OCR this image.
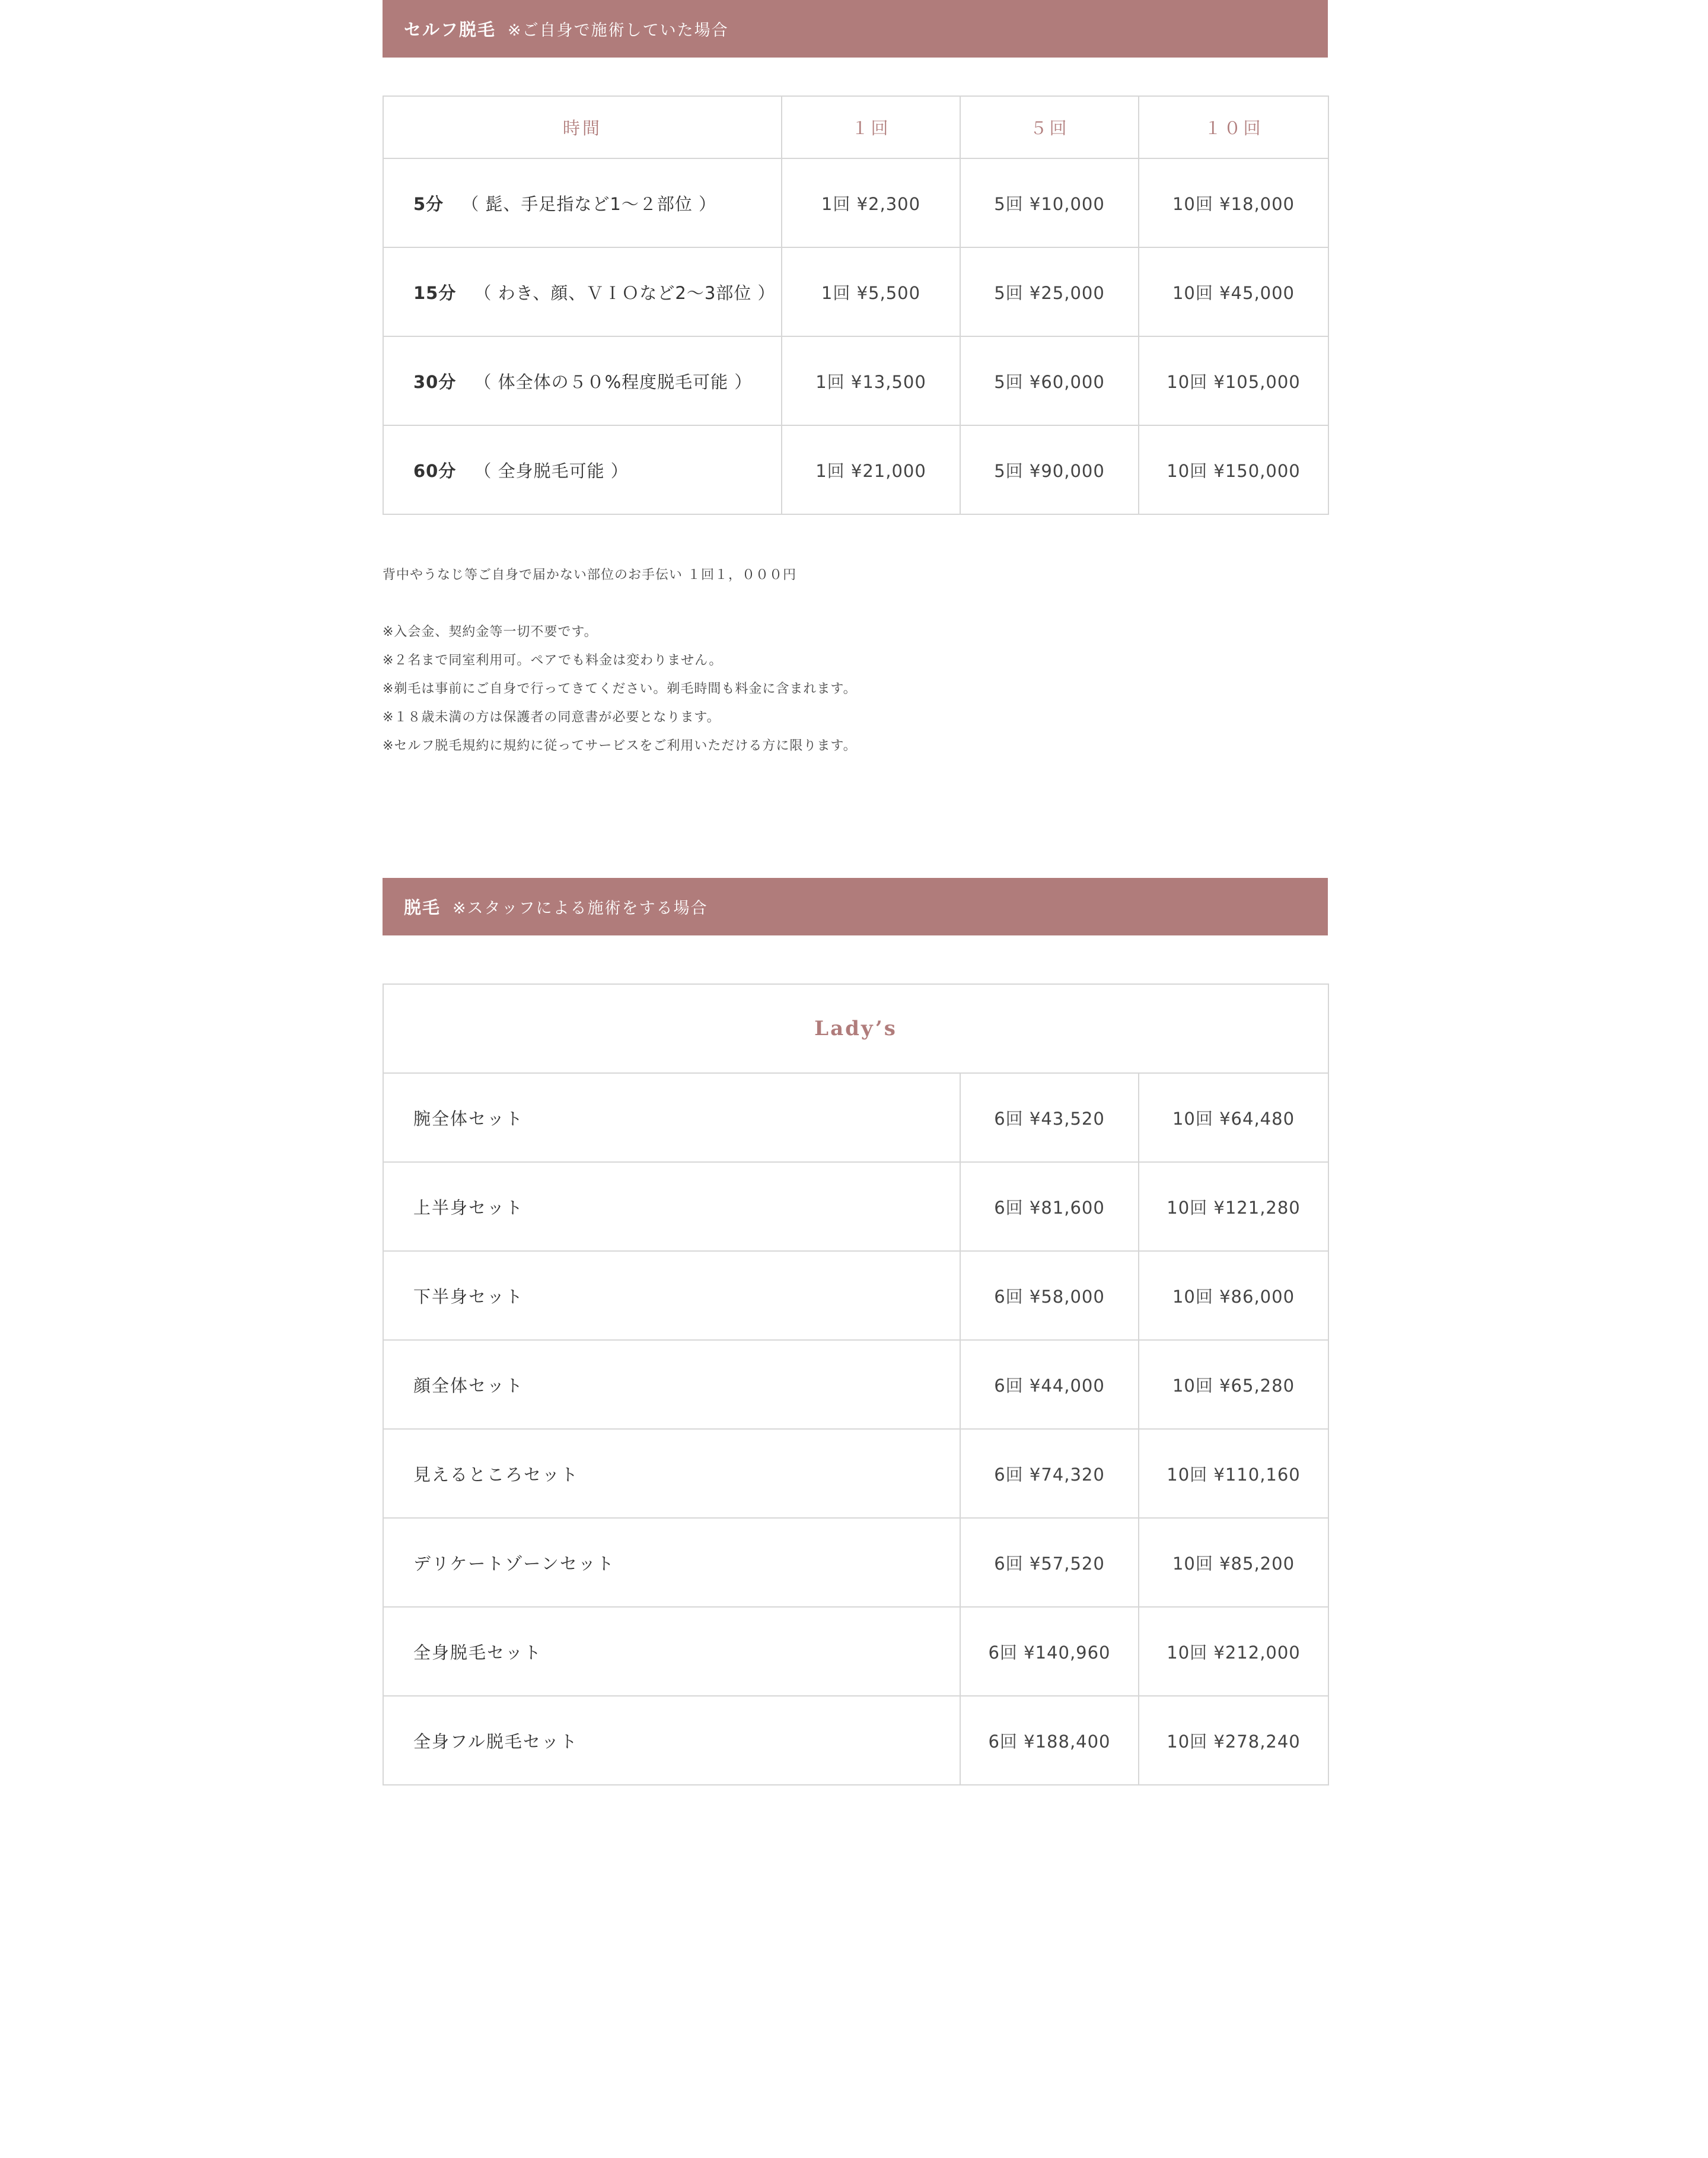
セルフ脱毛 ※ご自身で施術していた場合
時間	１回	５回	１０回
5分 （ 髭、手足指など1〜２部位 ）	1回 ¥2,300	5回 ¥10,000	10回 ¥18,000
15分 （ わき、顔、ＶＩＯなど2〜3部位 ）	1回 ¥5,500	5回 ¥25,000	10回 ¥45,000
30分 （ 体全体の５０%程度脱毛可能 ）	1回 ¥13,500	5回 ¥60,000	10回 ¥105,000
60分 （ 全身脱毛可能 ）	1回 ¥21,000	5回 ¥90,000	10回 ¥150,000
背中やうなじ等ご自身で届かない部位のお手伝い １回１，０００円
※入会金、契約金等一切不要です。
※２名まで同室利用可。ペアでも料金は変わりません。
※剃毛は事前にご自身で行ってきてください。剃毛時間も料金に含まれます。
※１８歳未満の方は保護者の同意書が必要となります。
※セルフ脱毛規約に規約に従ってサービスをご利用いただける方に限ります。
脱毛 ※スタッフによる施術をする場合
Lady’s		
腕全体セット	6回 ¥43,520	10回 ¥64,480
上半身セット	6回 ¥81,600	10回 ¥121,280
下半身セット	6回 ¥58,000	10回 ¥86,000
顔全体セット	6回 ¥44,000	10回 ¥65,280
見えるところセット	6回 ¥74,320	10回 ¥110,160
デリケートゾーンセット	6回 ¥57,520	10回 ¥85,200
全身脱毛セット	6回 ¥140,960	10回 ¥212,000
全身フル脱毛セット	6回 ¥188,400	10回 ¥278,240
